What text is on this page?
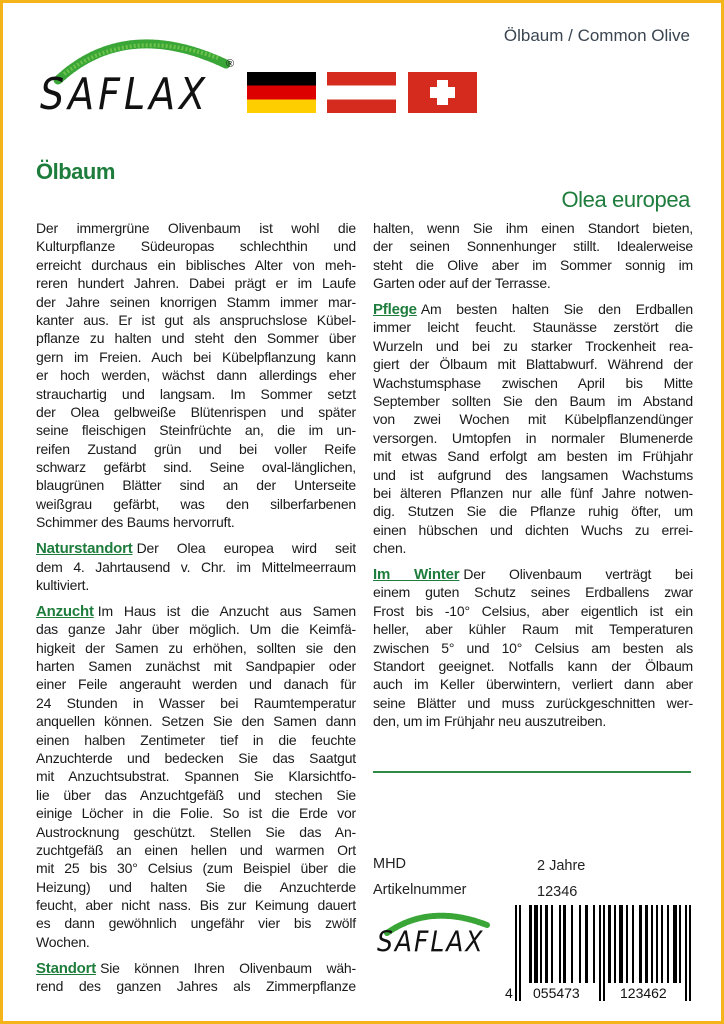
SAFLAX
®
Ölbaum / Common Olive
Ölbaum
Olea europea
Der immergrüne Olivenbaum ist wohl die
Kulturpflanze Südeuropas schlechthin und
erreicht durchaus ein biblisches Alter von meh-
reren hundert Jahren. Dabei prägt er im Laufe
der Jahre seinen knorrigen Stamm immer mar-
kanter aus. Er ist gut als anspruchslose Kübel-
pflanze zu halten und steht den Sommer über
gern im Freien. Auch bei Kübelpflanzung kann
er hoch werden, wächst dann allerdings eher
strauchartig und langsam. Im Sommer setzt
der Olea gelbweiße Blütenrispen und später
seine fleischigen Steinfrüchte an, die im un-
reifen Zustand grün und bei voller Reife
schwarz gefärbt sind. Seine oval-länglichen,
blaugrünen Blätter sind an der Unterseite
weißgrau gefärbt, was den silberfarbenen
Schimmer des Baums hervorruft.
Naturstandort Der Olea europea wird seit
dem 4. Jahrtausend v. Chr. im Mittelmeerraum
kultiviert.
Anzucht Im Haus ist die Anzucht aus Samen
das ganze Jahr über möglich. Um die Keimfä-
higkeit der Samen zu erhöhen, sollten sie den
harten Samen zunächst mit Sandpapier oder
einer Feile angerauht werden und danach für
24 Stunden in Wasser bei Raumtemperatur
anquellen können. Setzen Sie den Samen dann
einen halben Zentimeter tief in die feuchte
Anzuchterde und bedecken Sie das Saatgut
mit Anzuchtsubstrat. Spannen Sie Klarsichtfo-
lie über das Anzuchtgefäß und stechen Sie
einige Löcher in die Folie. So ist die Erde vor
Austrocknung geschützt. Stellen Sie das An-
zuchtgefäß an einen hellen und warmen Ort
mit 25 bis 30° Celsius (zum Beispiel über die
Heizung) und halten Sie die Anzuchterde
feucht, aber nicht nass. Bis zur Keimung dauert
es dann gewöhnlich ungefähr vier bis zwölf
Wochen.
Standort Sie können Ihren Olivenbaum wäh-
rend des ganzen Jahres als Zimmerpflanze
halten, wenn Sie ihm einen Standort bieten,
der seinen Sonnenhunger stillt. Idealerweise
steht die Olive aber im Sommer sonnig im
Garten oder auf der Terrasse.
Pflege Am besten halten Sie den Erdballen
immer leicht feucht. Staunässe zerstört die
Wurzeln und bei zu starker Trockenheit rea-
giert der Ölbaum mit Blattabwurf. Während der
Wachstumsphase zwischen April bis Mitte
September sollten Sie den Baum im Abstand
von zwei Wochen mit Kübelpflanzendünger
versorgen. Umtopfen in normaler Blumenerde
mit etwas Sand erfolgt am besten im Frühjahr
und ist aufgrund des langsamen Wachstums
bei älteren Pflanzen nur alle fünf Jahre notwen-
dig. Stutzen Sie die Pflanze ruhig öfter, um
einen hübschen und dichten Wuchs zu errei-
chen.
Im Winter Der Olivenbaum verträgt bei
einem guten Schutz seines Erdballens zwar
Frost bis -10° Celsius, aber eigentlich ist ein
heller, aber kühler Raum mit Temperaturen
zwischen 5° und 10° Celsius am besten als
Standort geeignet. Notfalls kann der Ölbaum
auch im Keller überwintern, verliert dann aber
seine Blätter und muss zurückgeschnitten wer-
den, um im Frühjahr neu auszutreiben.
MHD	2 Jahre
Artikelnummer	12346
SAFLAX
4 055473	123462
